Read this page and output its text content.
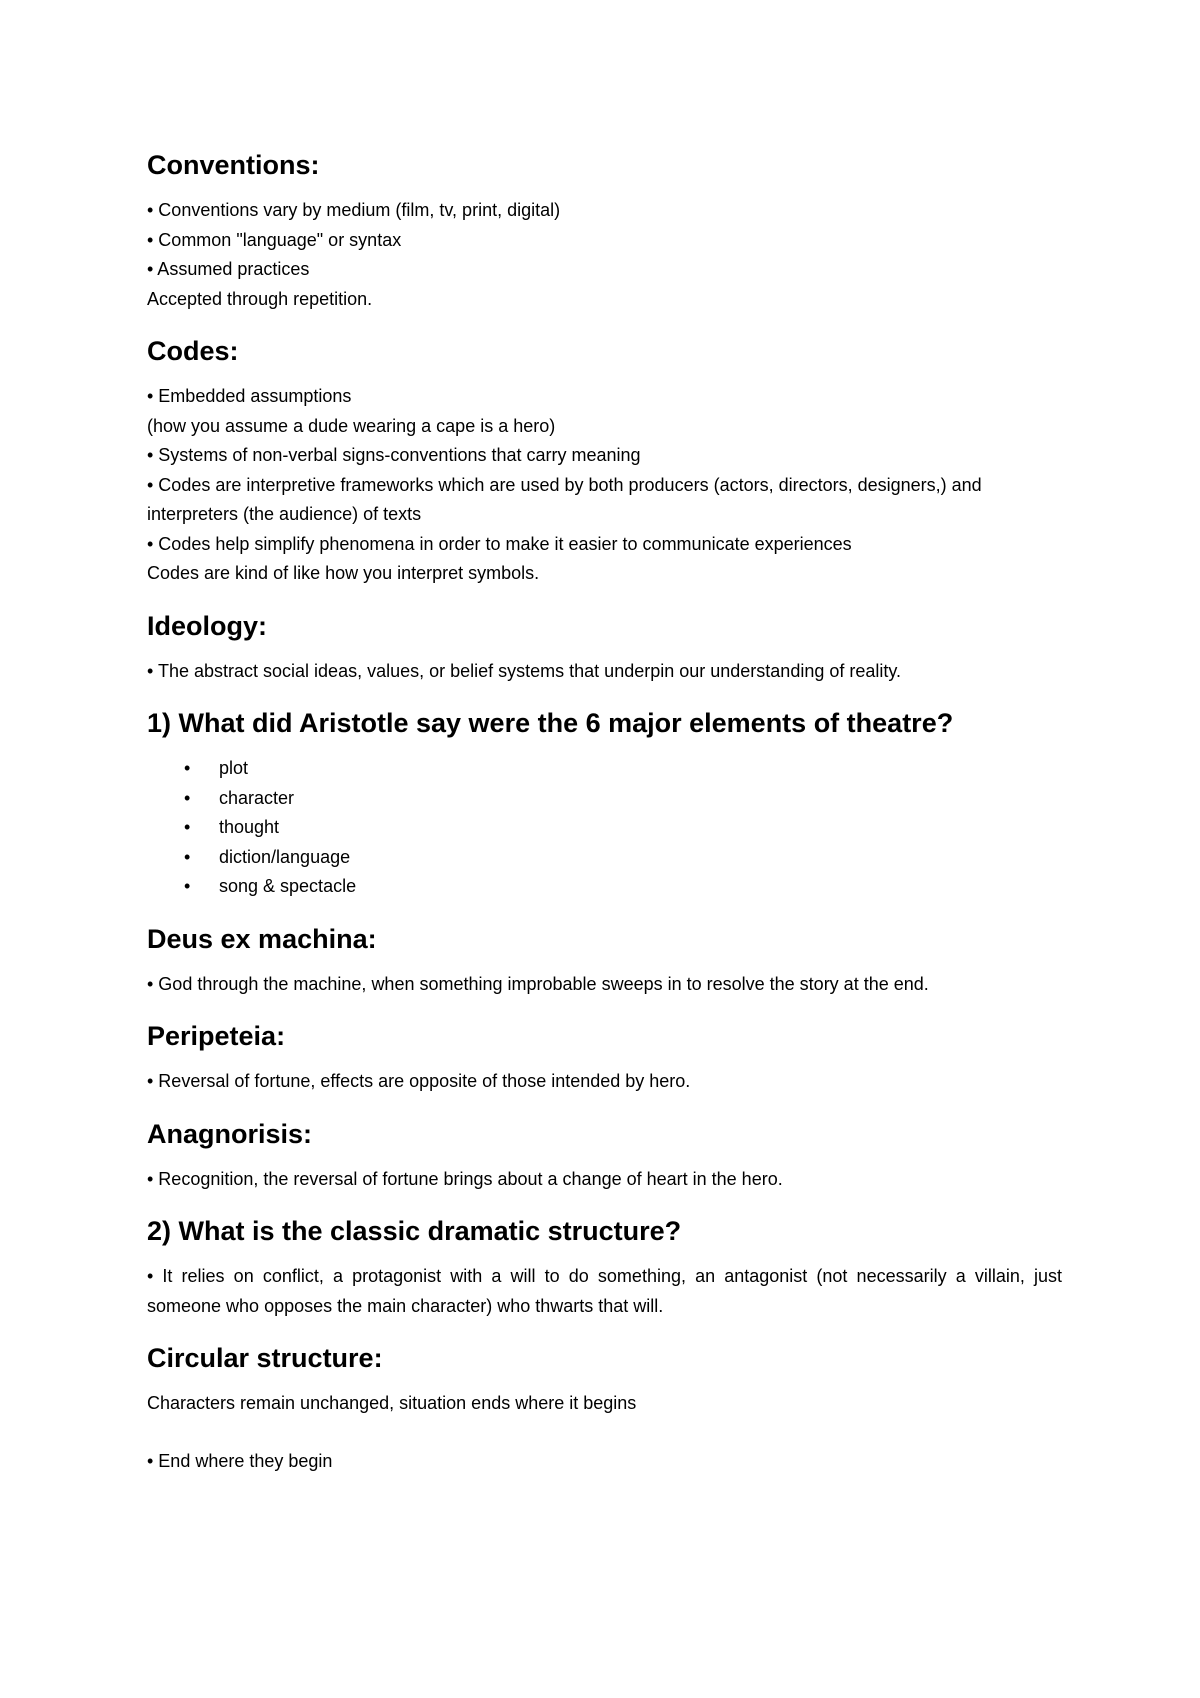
Conventions:

• Conventions vary by medium (film, tv, print, digital)

• Common "language" or syntax

• Assumed practices

Accepted through repetition.

Codes:

• Embedded assumptions

(how you assume a dude wearing a cape is a hero)

• Systems of non-verbal signs-conventions that carry meaning

• Codes are interpretive frameworks which are used by both producers (actors, directors, designers,) and interpreters (the audience) of texts

• Codes help simplify phenomena in order to make it easier to communicate experiences

Codes are kind of like how you interpret symbols.

Ideology:

• The abstract social ideas, values, or belief systems that underpin our understanding of reality.

1) What did Aristotle say were the 6 major elements of theatre?
• plot
• character
• thought
• diction/language
• song & spectacle
Deus ex machina:

• God through the machine, when something improbable sweeps in to resolve the story at the end.

Peripeteia:

• Reversal of fortune, effects are opposite of those intended by hero.

Anagnorisis:

• Recognition, the reversal of fortune brings about a change of heart in the hero.

2) What is the classic dramatic structure?

• It relies on conflict, a protagonist with a will to do something, an antagonist (not necessarily a villain, just someone who opposes the main character) who thwarts that will.

Circular structure:

Characters remain unchanged, situation ends where it begins

• End where they begin
